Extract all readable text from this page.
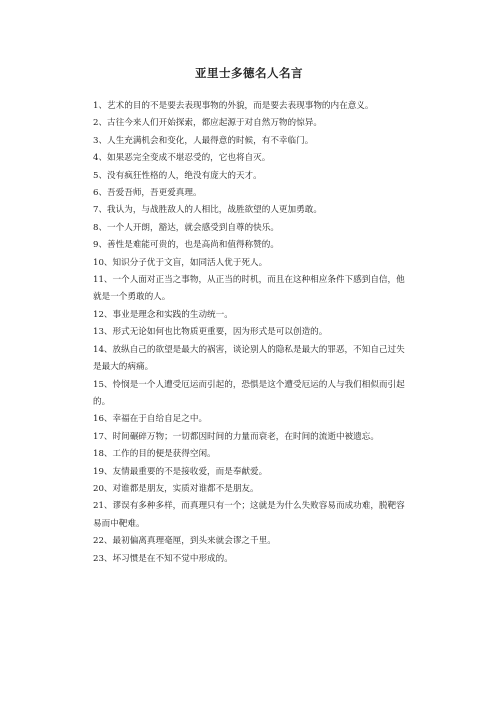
亚里士多德名人名言
1、艺术的目的不是要去表现事物的外貌，而是要去表现事物的内在意义。
2、古往今来人们开始探索，都应起源于对自然万物的惊异。
3、人生充满机会和变化，人最得意的时候，有不幸临门。
4、如果恶完全变成不堪忍受的，它也将自灭。
5、没有疯狂性格的人，绝没有庞大的天才。
6、吾爱吾师，吾更爱真理。
7、我认为，与战胜敌人的人相比，战胜欲望的人更加勇敢。
8、一个人开朗，豁达，就会感受到自尊的快乐。
9、善性是难能可贵的，也是高尚和值得称赞的。
10、知识分子优于文盲，如同活人优于死人。
11、一个人面对正当之事物，从正当的时机，而且在这种相应条件下感到自信，他就是一个勇敢的人。
12、事业是理念和实践的生动统一。
13、形式无论如何也比物质更重要，因为形式是可以创造的。
14、放纵自己的欲望是最大的祸害，谈论别人的隐私是最大的罪恶，不知自己过失是最大的病痛。
15、怜悯是一个人遭受厄运而引起的，恐惧是这个遭受厄运的人与我们相似而引起的。
16、幸福在于自给自足之中。
17、时间碾碎万物；一切都因时间的力量而衰老，在时间的流逝中被遗忘。
18、工作的目的便是获得空闲。
19、友情最重要的不是接收爱，而是奉献爱。
20、对谁都是朋友，实质对谁都不是朋友。
21、谬误有多种多样，而真理只有一个；这就是为什么失败容易而成功难，脱靶容易而中靶难。
22、最初偏离真理毫厘，到头来就会谬之千里。
23、坏习惯是在不知不觉中形成的。
